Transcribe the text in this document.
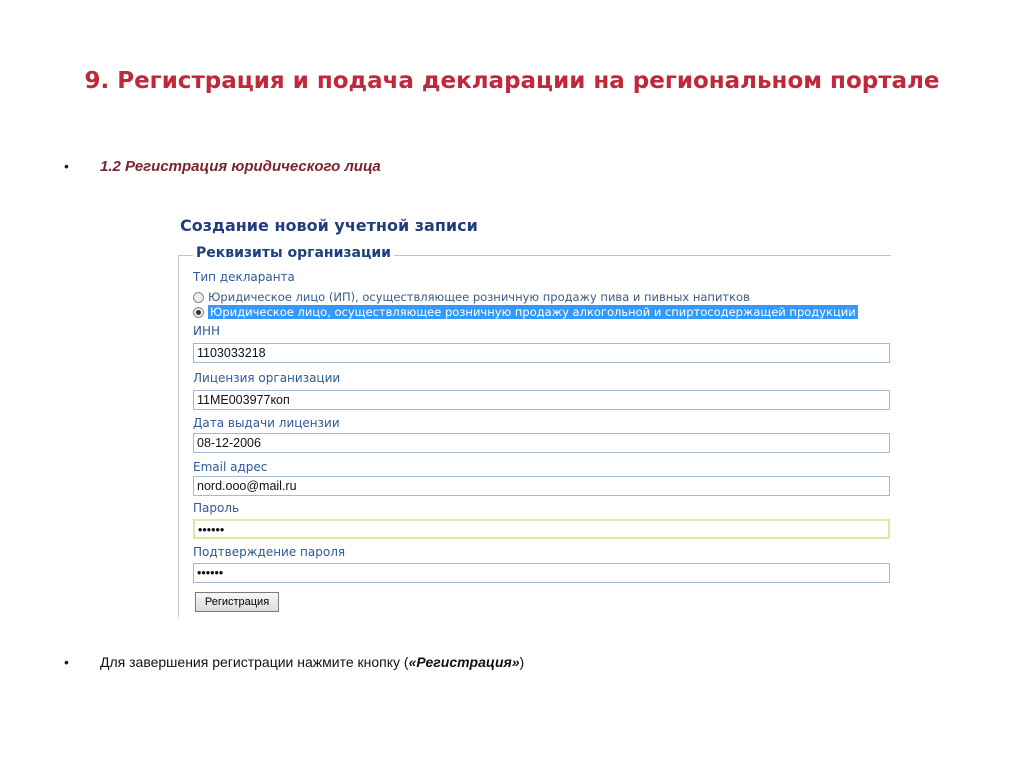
9. Регистрация и подача декларации на региональном портале
• 1.2 Регистрация юридического лица
Создание новой учетной записи
Реквизиты организации
Тип декларанта
Юридическое лицо (ИП), осуществляющее розничную продажу пива и пивных напитков
Юридическое лицо, осуществляющее розничную продажу алкогольной и спиртосодержащей продукции
ИНН
1103033218
Лицензия организации
11МЕ003977коп
Дата выдачи лицензии
08-12-2006
Email адрес
nord.ооо@mail.ru
Пароль
••••••
Подтверждение пароля
••••••
Регистрация
• Для завершения регистрации нажмите кнопку («Регистрация»)
